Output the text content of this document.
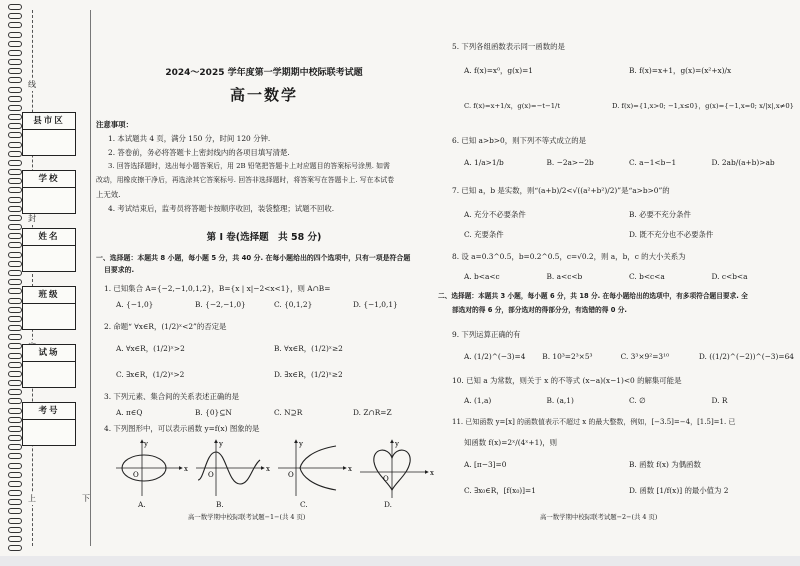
线
封
上	下
县市区
学校
姓名
班级
试场
考号
2024～2025 学年度第一学期期中校际联考试题
高一数学
注意事项：
1. 本试题共 4 页，满分 150 分，时间 120 分钟.
2. 答卷前，务必将答题卡上密封线内的各项目填写清楚.
3. 回答选择题时，选出每小题答案后，用 2B 铅笔把答题卡上对应题目的答案标号涂黑. 如需
改动，用橡皮擦干净后，再选涂其它答案标号. 回答非选择题时，将答案写在答题卡上. 写在本试卷
上无效.
4. 考试结束后，监考员将答题卡按顺序收回，装袋整理；试题不回收.
第 Ⅰ 卷(选择题　共 58 分)
一、选择题：本题共 8 小题，每小题 5 分，共 40 分. 在每小题给出的四个选项中，只有一项是符合题
目要求的.
1. 已知集合 A={−2,−1,0,1,2}，B={x | x|−2<x<1}，则 A∩B=
A. {−1,0}	B. {−2,−1,0}	C. {0,1,2}	D. {−1,0,1}
2. 命题“ ∀x∈R，(1/2)ˣ<2”的否定是
A. ∀x∈R，(1/2)ˣ>2	B. ∀x∈R，(1/2)ˣ≥2
C. ∃x∈R，(1/2)ˣ>2	D. ∃x∈R，(1/2)ˣ≥2
3. 下列元素、集合间的关系表述正确的是
A. π∈Q	B. {0}⊆N	C. N⊇R	D. Z∩R=Z
4. 下列图形中，可以表示函数 y=f(x) 图象的是
x
y
O
x
y
O
x
y
O	x
y
O
A.	B.	C.	D.
高一数学期中校际联考试题−1−(共 4 页)
5. 下列各组函数表示同一函数的是
A. f(x)=x⁰，g(x)=1	B. f(x)=x+1，g(x)=(x²+x)/x
C. f(x)=x+1/x，g(x)=−t−1/t	D. f(x)={1,x>0; −1,x≤0}，g(x)={−1,x=0; x/|x|,x≠0}
6. 已知 a>b>0，则下列不等式成立的是
A. 1/a>1/b	B. −2a>−2b	C. a−1<b−1	D. 2ab/(a+b)>ab
7. 已知 a，b 是实数，则“(a+b)/2<√((a²+b²)/2)”是“a>b>0”的
A. 充分不必要条件	B. 必要不充分条件
C. 充要条件	D. 既不充分也不必要条件
8. 设 a=0.3^0.5，b=0.2^0.5，c=√0.2，则 a，b，c 的大小关系为
A. b<a<c	B. a<c<b	C. b<c<a	D. c<b<a
二、选择题：本题共 3 小题，每小题 6 分，共 18 分. 在每小题给出的选项中，有多项符合题目要求. 全
部选对的得 6 分，部分选对的得部分分，有选错的得 0 分.
9. 下列运算正确的有
A. (1/2)^(−3)=4	B. 10³=2³×5³	C. 3³×9²=3¹⁰	D. ((1/2)^(−2))^(−3)=64
10. 已知 a 为常数，则关于 x 的不等式 (x−a)(x−1)<0 的解集可能是
A. (1,a)	B. (a,1)	C. ∅	D. R
11. 已知函数 y=[x] 的函数值表示不超过 x 的最大整数，例如，[−3.5]=−4，[1.5]=1. 已
知函数 f(x)=2ˣ/(4ˣ+1)，则
A. [π−3]=0	B. 函数 f(x) 为偶函数
C. ∃x₀∈R，[f(x₀)]=1	D. 函数 [1/f(x)] 的最小值为 2
高一数学期中校际联考试题−2−(共 4 页)
